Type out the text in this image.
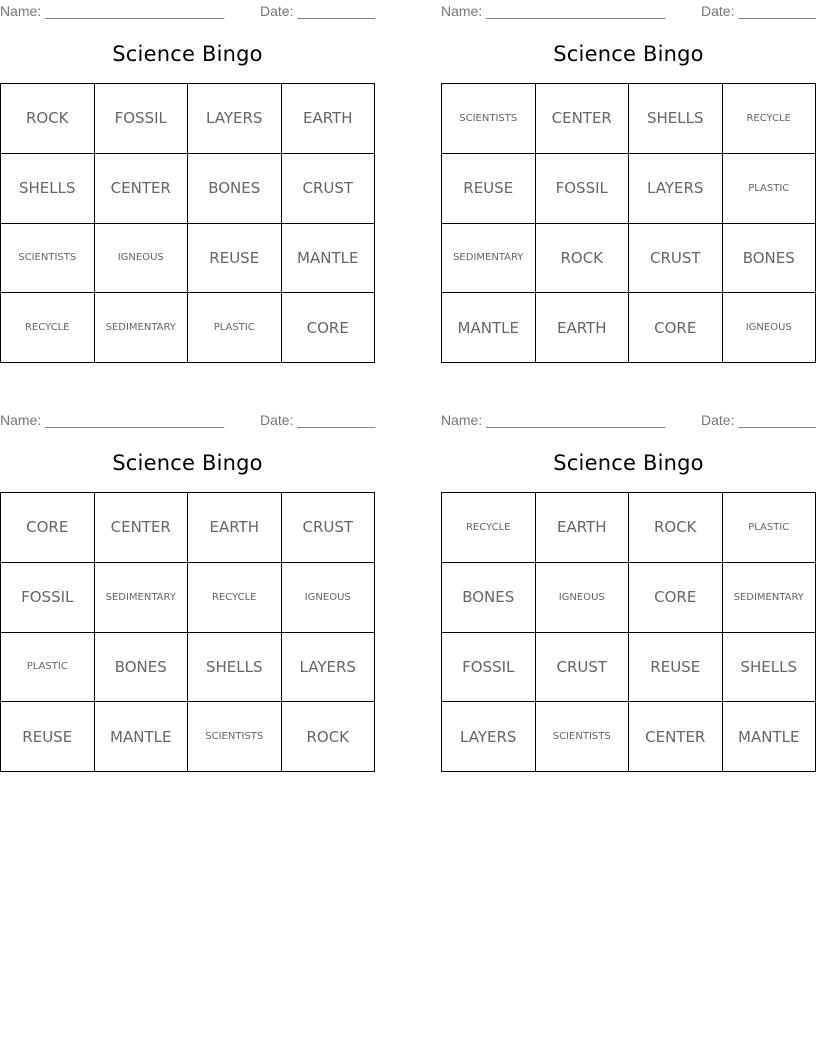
Name: _______________________	Date: __________
Science Bingo
ROCK	FOSSIL	LAYERS	EARTH
SHELLS	CENTER	BONES	CRUST
SCIENTISTS	IGNEOUS	REUSE	MANTLE
RECYCLE	SEDIMENTARY	PLASTIC	CORE
Name: _______________________	Date: __________
Science Bingo
SCIENTISTS	CENTER	SHELLS	RECYCLE
REUSE	FOSSIL	LAYERS	PLASTIC
SEDIMENTARY	ROCK	CRUST	BONES
MANTLE	EARTH	CORE	IGNEOUS
Name: _______________________	Date: __________
Science Bingo
CORE	CENTER	EARTH	CRUST
FOSSIL	SEDIMENTARY	RECYCLE	IGNEOUS
PLASTIC	BONES	SHELLS	LAYERS
REUSE	MANTLE	SCIENTISTS	ROCK
Name: _______________________	Date: __________
Science Bingo
RECYCLE	EARTH	ROCK	PLASTIC
BONES	IGNEOUS	CORE	SEDIMENTARY
FOSSIL	CRUST	REUSE	SHELLS
LAYERS	SCIENTISTS	CENTER	MANTLE
